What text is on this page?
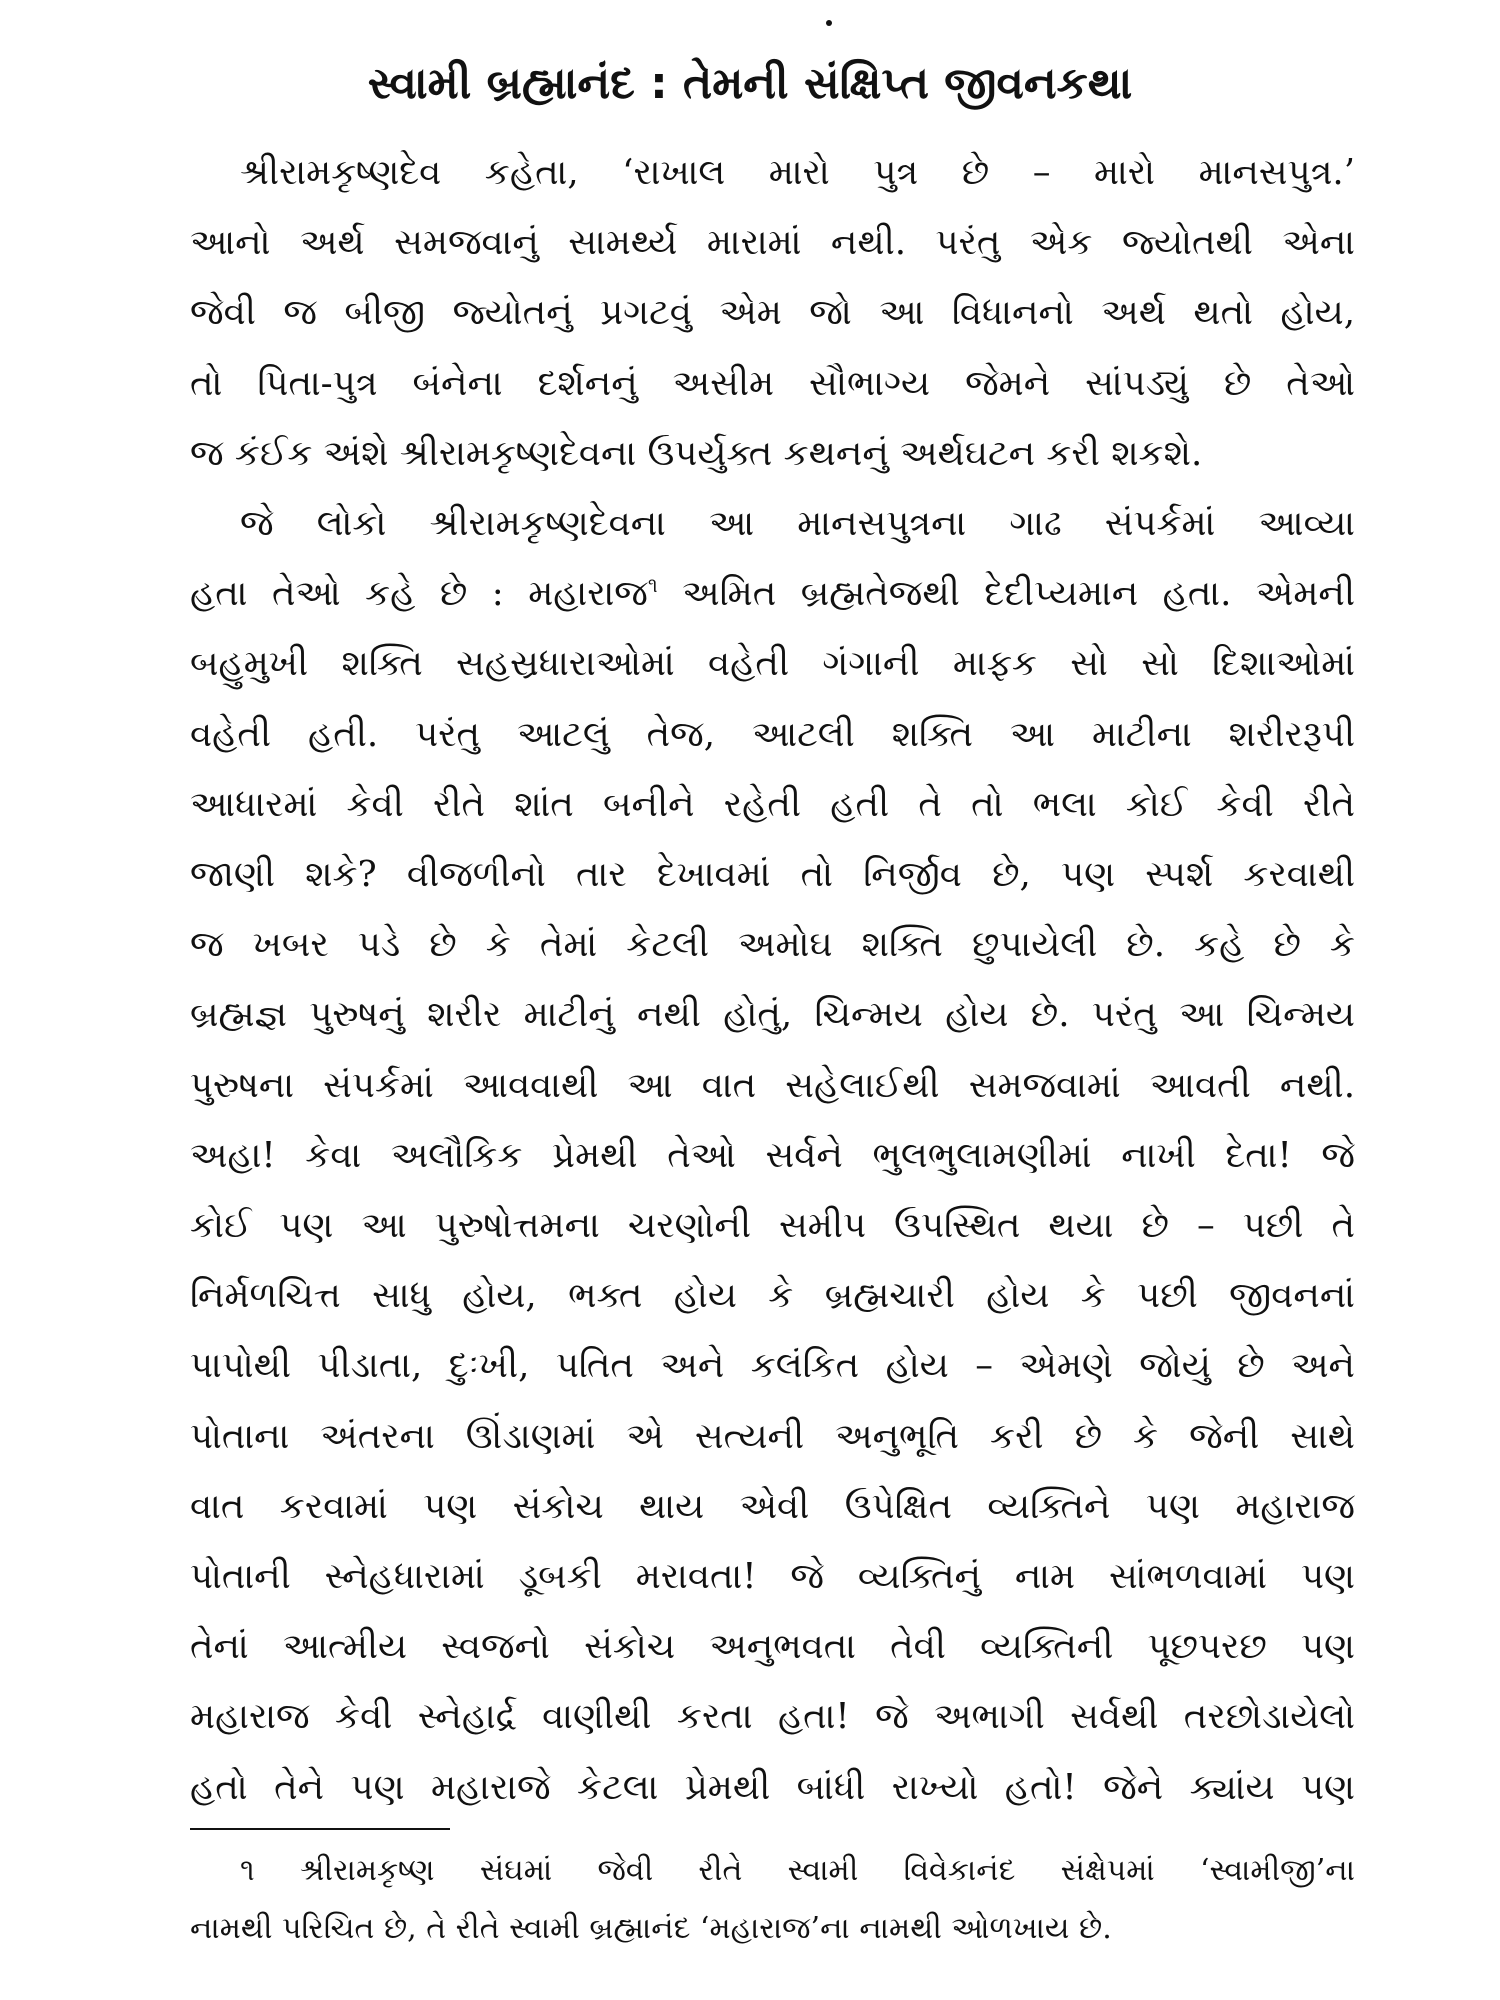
સ્વામી બ્રહ્માનંદ : તેમની સંક્ષિપ્ત જીવનકથા

શ્રીરામકૃષ્ણદેવ કહેતા, ‘રાખાલ મારો પુત્ર છે – મારો માનસપુત્ર.’
આનો અર્થ સમજવાનું સામર્થ્ય મારામાં નથી. પરંતુ એક જ્યોતથી એના
જેવી જ બીજી જ્યોતનું પ્રગટવું એમ જો આ વિધાનનો અર્થ થતો હોય,
તો પિતા-પુત્ર બંનેના દર્શનનું અસીમ સૌભાગ્ય જેમને સાંપડ્યું છે તેઓ
જ કંઈક અંશે શ્રીરામકૃષ્ણદેવના ઉપર્યુક્ત કથનનું અર્થઘટન કરી શકશે.

જે લોકો શ્રીરામકૃષ્ણદેવના આ માનસપુત્રના ગાઢ સંપર્કમાં આવ્યા
હતા તેઓ કહે છે : મહારાજ$^૧$ અમિત બ્રહ્મતેજથી દેદીપ્યમાન હતા. એમની
બહુમુખી શક્તિ સહસ્રધારાઓમાં વહેતી ગંગાની માફક સો સો દિશાઓમાં
વહેતી હતી. પરંતુ આટલું તેજ, આટલી શક્તિ આ માટીના શરીરરૂપી
આધારમાં કેવી રીતે શાંત બનીને રહેતી હતી તે તો ભલા કોઈ કેવી રીતે
જાણી શકે? વીજળીનો તાર દેખાવમાં તો નિર્જીવ છે, પણ સ્પર્શ કરવાથી
જ ખબર પડે છે કે તેમાં કેટલી અમોઘ શક્તિ છુપાયેલી છે. કહે છે કે
બ્રહ્મજ્ઞ પુરુષનું શરીર માટીનું નથી હોતું, ચિન્મય હોય છે. પરંતુ આ ચિન્મય
પુરુષના સંપર્કમાં આવવાથી આ વાત સહેલાઈથી સમજવામાં આવતી નથી.
અહા! કેવા અલૌકિક પ્રેમથી તેઓ સર્વને ભુલભુલામણીમાં નાખી દેતા! જે
કોઈ પણ આ પુરુષોત્તમના ચરણોની સમીપ ઉપસ્થિત થયા છે – પછી તે
નિર્મળચિત્ત સાધુ હોય, ભક્ત હોય કે બ્રહ્મચારી હોય કે પછી જીવનનાં
પાપોથી પીડાતા, દુઃખી, પતિત અને કલંકિત હોય – એમણે જોયું છે અને
પોતાના અંતરના ઊંડાણમાં એ સત્યની અનુભૂતિ કરી છે કે જેની સાથે
વાત કરવામાં પણ સંકોચ થાય એવી ઉપેક્ષિત વ્યક્તિને પણ મહારાજ
પોતાની સ્નેહધારામાં ડૂબકી મરાવતા! જે વ્યક્તિનું નામ સાંભળવામાં પણ
તેનાં આત્મીય સ્વજનો સંકોચ અનુભવતા તેવી વ્યક્તિની પૂછપરછ પણ
મહારાજ કેવી સ્નેહાર્દ્ર વાણીથી કરતા હતા! જે અભાગી સર્વથી તરછોડાયેલો
હતો તેને પણ મહારાજે કેટલા પ્રેમથી બાંધી રાખ્યો હતો! જેને ક્યાંય પણ

૧ શ્રીરામકૃષ્ણ સંઘમાં જેવી રીતે સ્વામી વિવેકાનંદ સંક્ષેપમાં ‘સ્વામીજી’ના
નામથી પરિચિત છે, તે રીતે સ્વામી બ્રહ્માનંદ ‘મહારાજ’ના નામથી ઓળખાય છે.
